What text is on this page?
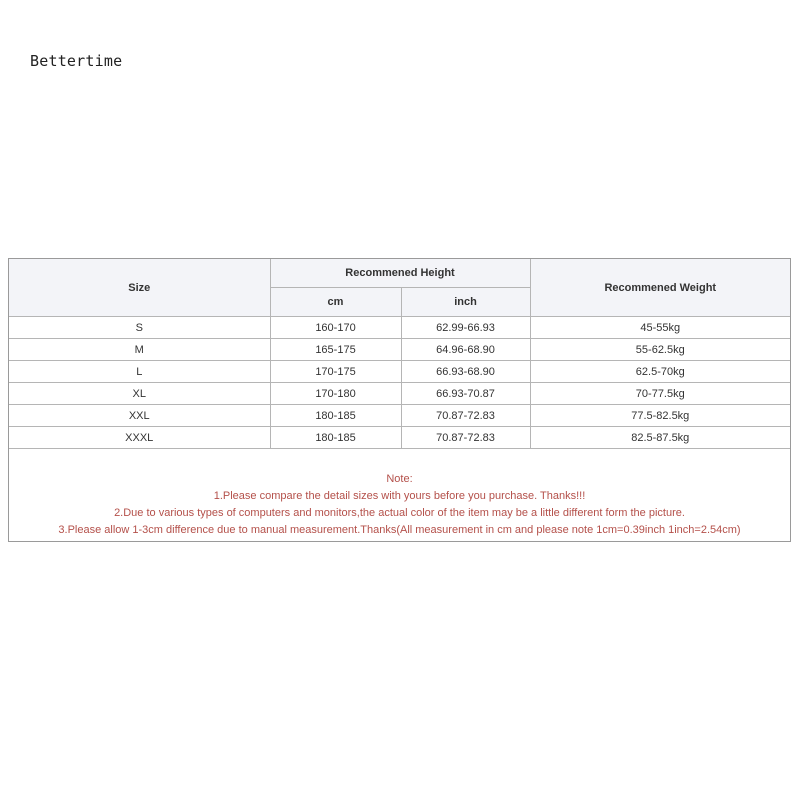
Bettertime
Size	Recommened Height		Recommened Weight
	cm	inch	
S	160-170	62.99-66.93	45-55kg
M	165-175	64.96-68.90	55-62.5kg
L	170-175	66.93-68.90	62.5-70kg
XL	170-180	66.93-70.87	70-77.5kg
XXL	180-185	70.87-72.83	77.5-82.5kg
XXXL	180-185	70.87-72.83	82.5-87.5kg
Note:
1.Please compare the detail sizes with yours before you purchase. Thanks!!!
2.Due to various types of computers and monitors,the actual color of the item may be a little different form the picture.
3.Please allow 1-3cm difference due to manual measurement.Thanks(All measurement in cm and please note 1cm=0.39inch 1inch=2.54cm)
